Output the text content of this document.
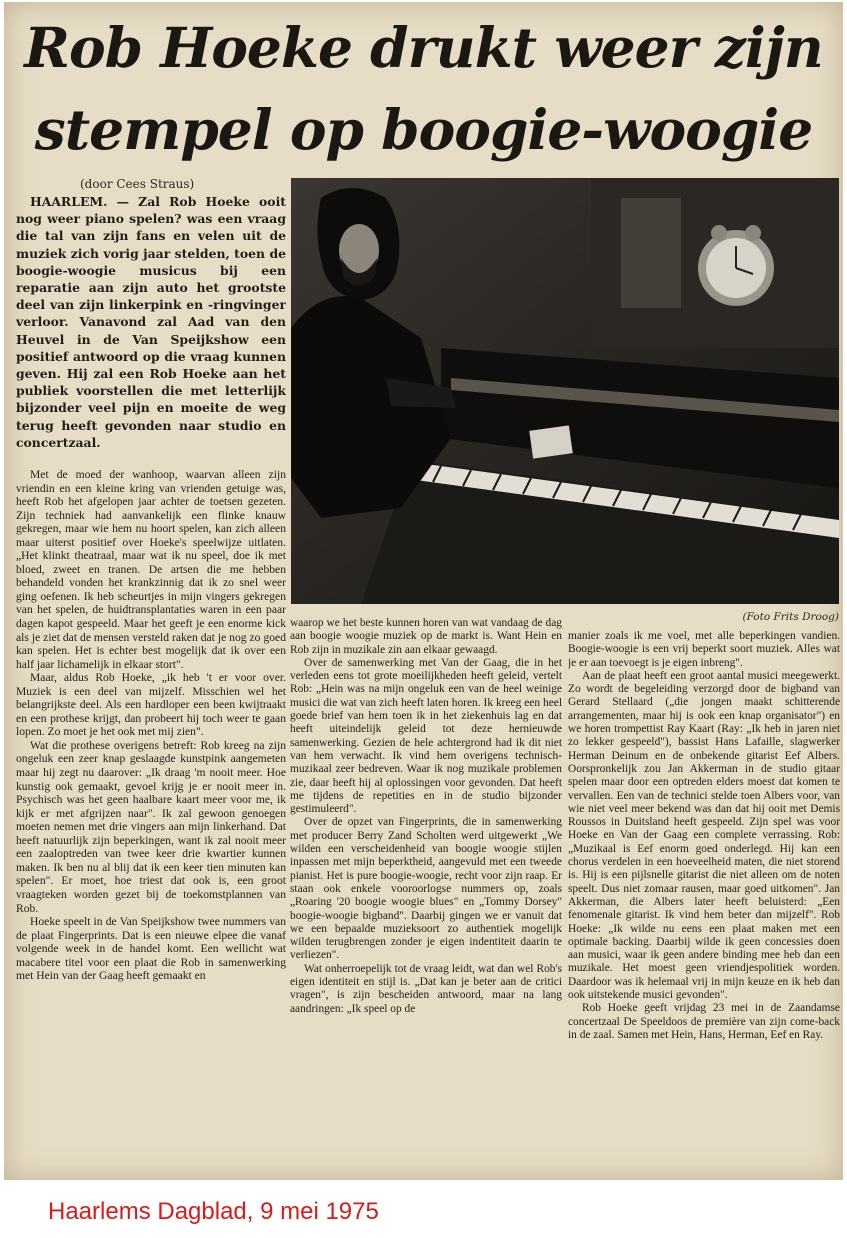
Rob Hoeke drukt weer zijn
stempel op boogie-woogie
(door Cees Straus)

HAARLEM. — Zal Rob Hoeke ooit nog weer piano spelen? was een vraag die tal van zijn fans en velen uit de muziek zich vorig jaar stelden, toen de boogie-woogie musicus bij een reparatie aan zijn auto het grootste deel van zijn linkerpink en -ringvinger verloor. Vanavond zal Aad van den Heuvel in de Van Speijkshow een positief antwoord op die vraag kunnen geven. Hij zal een Rob Hoeke aan het publiek voorstellen die met letterlijk bijzonder veel pijn en moeite de weg terug heeft gevonden naar studio en concertzaal.

(Foto Frits Droog)

Met de moed der wanhoop, waarvan alleen zijn vriendin en een kleine kring van vrienden getuige was, heeft Rob het afgelopen jaar achter de toetsen gezeten. Zijn techniek had aanvankelijk een flinke knauw gekregen, maar wie hem nu hoort spelen, kan zich alleen maar uiterst positief over Hoeke's speelwijze uitlaten. „Het klinkt theatraal, maar wat ik nu speel, doe ik met bloed, zweet en tranen. De artsen die me hebben behandeld vonden het krankzinnig dat ik zo snel weer ging oefenen. Ik heb scheurtjes in mijn vingers gekregen van het spelen, de huidtransplantaties waren in een paar dagen kapot gespeeld. Maar het geeft je een enorme kick als je ziet dat de mensen versteld raken dat je nog zo goed kan spelen. Het is echter best mogelijk dat ik over een half jaar lichamelijk in elkaar stort".

Maar, aldus Rob Hoeke, „ik heb 't er voor over. Muziek is een deel van mijzelf. Misschien wel het belangrijkste deel. Als een hardloper een been kwijtraakt en een prothese krijgt, dan probeert hij toch weer te gaan lopen. Zo moet je het ook met mij zien".

Wat die prothese overigens betreft: Rob kreeg na zijn ongeluk een zeer knap geslaagde kunstpink aangemeten maar hij zegt nu daarover: „Ik draag 'm nooit meer. Hoe kunstig ook gemaakt, gevoel krijg je er nooit meer in. Psychisch was het geen haalbare kaart meer voor me, ik kijk er met afgrijzen naar". Ik zal gewoon genoegen moeten nemen met drie vingers aan mijn linkerhand. Dat heeft natuurlijk zijn beperkingen, want ik zal nooit meer een zaaloptreden van twee keer drie kwartier kunnen maken. Ik ben nu al blij dat ik een keer tien minuten kan spelen". Er moet, hoe triest dat ook is, een groot vraagteken worden gezet bij de toekomstplannen van Rob.

Hoeke speelt in de Van Speijkshow twee nummers van de plaat Fingerprints. Dat is een nieuwe elpee die vanaf volgende week in de handel komt. Een wellicht wat macabere titel voor een plaat die Rob in samenwerking met Hein van der Gaag heeft gemaakt en

waarop we het beste kunnen horen van wat vandaag de dag aan boogie woogie muziek op de markt is. Want Hein en Rob zijn in muzikale zin aan elkaar gewaagd.

Over de samenwerking met Van der Gaag, die in het verleden eens tot grote moeilijkheden heeft geleid, vertelt Rob: „Hein was na mijn ongeluk een van de heel weinige musici die wat van zich heeft laten horen. Ik kreeg een heel goede brief van hem toen ik in het ziekenhuis lag en dat heeft uiteindelijk geleid tot deze hernieuwde samenwerking. Gezien de hele achtergrond had ik dit niet van hem verwacht. Ik vind hem overigens technisch-muzikaal zeer bedreven. Waar ik nog muzikale problemen zie, daar heeft hij al oplossingen voor gevonden. Dat heeft me tijdens de repetities en in de studio bijzonder gestimuleerd".

Over de opzet van Fingerprints, die in samenwerking met producer Berry Zand Scholten werd uitgewerkt „We wilden een verscheidenheid van boogie woogie stijlen inpassen met mijn beperktheid, aangevuld met een tweede pianist. Het is pure boogie-woogie, recht voor zijn raap. Er staan ook enkele vooroorlogse nummers op, zoals „Roaring '20 boogie woogie blues" en „Tommy Dorsey" boogie-woogie bigband". Daarbij gingen we er vanuit dat we een bepaalde muzieksoort zo authentiek mogelijk wilden terugbrengen zonder je eigen indentiteit daarin te verliezen".

Wat onherroepelijk tot de vraag leidt, wat dan wel Rob's eigen identiteit en stijl is. „Dat kan je beter aan de critici vragen", is zijn bescheiden antwoord, maar na lang aandringen: „Ik speel op de

manier zoals ik me voel, met alle beperkingen vandien. Boogie-woogie is een vrij beperkt soort muziek. Alles wat je er aan toevoegt is je eigen inbreng".

Aan de plaat heeft een groot aantal musici meegewerkt. Zo wordt de begeleiding verzorgd door de bigband van Gerard Stellaard („die jongen maakt schitterende arrangementen, maar hij is ook een knap organisator") en we horen trompettist Ray Kaart (Ray: „Ik heb in jaren niet zo lekker gespeeld"), bassist Hans Lafaille, slagwerker Herman Deinum en de onbekende gitarist Eef Albers. Oorspronkelijk zou Jan Akkerman in de studio gitaar spelen maar door een optreden elders moest dat komen te vervallen. Een van de technici stelde toen Albers voor, van wie niet veel meer bekend was dan dat hij ooit met Demis Roussos in Duitsland heeft gespeeld. Zijn spel was voor Hoeke en Van der Gaag een complete verrassing. Rob: „Muzikaal is Eef enorm goed onderlegd. Hij kan een chorus verdelen in een hoeveelheid maten, die niet storend is. Hij is een pijlsnelle gitarist die niet alleen om de noten speelt. Dus niet zomaar rausen, maar goed uitkomen". Jan Akkerman, die Albers later heeft beluisterd: „Een fenomenale gitarist. Ik vind hem beter dan mijzelf". Rob Hoeke: „Ik wilde nu eens een plaat maken met een optimale backing. Daarbij wilde ik geen concessies doen aan musici, waar ik geen andere binding mee heb dan een muzikale. Het moest geen vriendjespolitiek worden. Daardoor was ik helemaal vrij in mijn keuze en ik heb dan ook uitstekende musici gevonden".

Rob Hoeke geeft vrijdag 23 mei in de Zaandamse concertzaal De Speeldoos de première van zijn come-back in de zaal. Samen met Hein, Hans, Herman, Eef en Ray.

Haarlems Dagblad, 9 mei 1975
